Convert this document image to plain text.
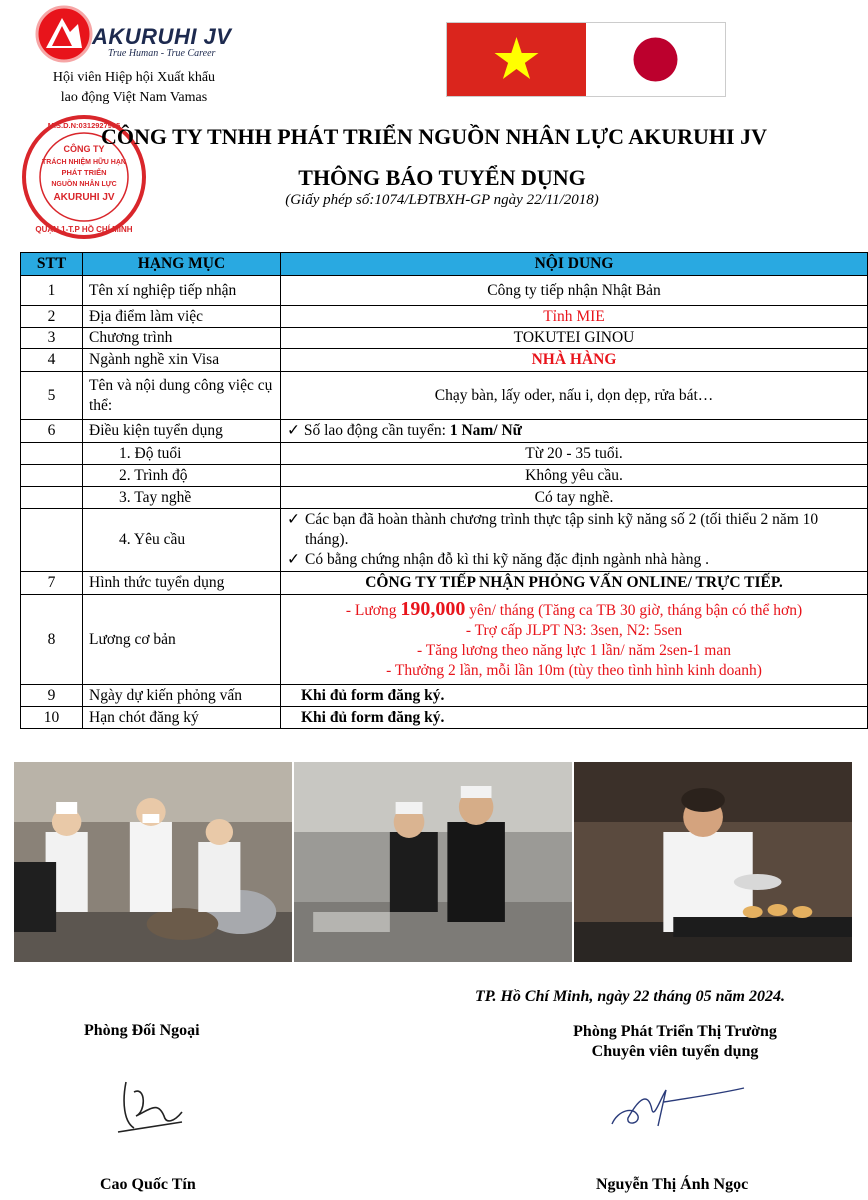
AKURUHI JV
True Human - True Career
Hội viên Hiệp hội Xuất khẩu
lao động Việt Nam Vamas
CÔNG TY
TRÁCH NHIỆM HỮU HẠN
PHÁT TRIỂN
NGUỒN NHÂN LỰC
AKURUHI JV
QUẬN 1-T.P HỒ CHÍ MINH
M.S.D.N:0312927985
CÔNG TY TNHH PHÁT TRIỂN NGUỒN NHÂN LỰC AKURUHI JV
THÔNG BÁO TUYỂN DỤNG
(Giấy phép số:1074/LĐTBXH-GP ngày 22/11/2018)
STT	HẠNG MỤC	NỘI DUNG
1	Tên xí nghiệp tiếp nhận	Công ty tiếp nhận Nhật Bản
2	Địa điểm làm việc	Tỉnh MIE
3	Chương trình	TOKUTEI GINOU
4	Ngành nghề xin Visa	NHÀ HÀNG
5	Tên và nội dung công việc cụ thể:	Chạy bàn, lấy oder, nấu i, dọn dẹp, rửa bát…
6	Điều kiện tuyển dụng	✓ Số lao động cần tuyển: 1 Nam/ Nữ
	1. Độ tuổi	Từ 20 - 35 tuổi.
	2. Trình độ	Không yêu cầu.
	3. Tay nghề	Có tay nghề.
	4. Yêu cầu	✓ Các bạn đã hoàn thành chương trình thực tập sinh kỹ năng số 2 (tối thiểu 2 năm 10 tháng).
✓ Có bằng chứng nhận đỗ kì thi kỹ năng đặc định ngành nhà hàng .

7	Hình thức tuyển dụng	CÔNG TY TIẾP NHẬN PHỎNG VẤN ONLINE/ TRỰC TIẾP.
8	Lương cơ bản	- Lương 190,000 yên/ tháng (Tăng ca TB 30 giờ, tháng bận có thể hơn)
- Trợ cấp JLPT N3: 3sen, N2: 5sen
- Tăng lương theo năng lực 1 lần/ năm 2sen-1 man
- Thưởng 2 lần, mỗi lần 10m (tùy theo tình hình kinh doanh)

9	Ngày dự kiến phỏng vấn	Khi đủ form đăng ký.
10	Hạn chót đăng ký	Khi đủ form đăng ký.
TP. Hồ Chí Minh, ngày 22 tháng 05 năm 2024.
Phòng Đối Ngoại	Phòng Phát Triển Thị Trường
Chuyên viên tuyển dụng
Cao Quốc Tín	Nguyễn Thị Ánh Ngọc
